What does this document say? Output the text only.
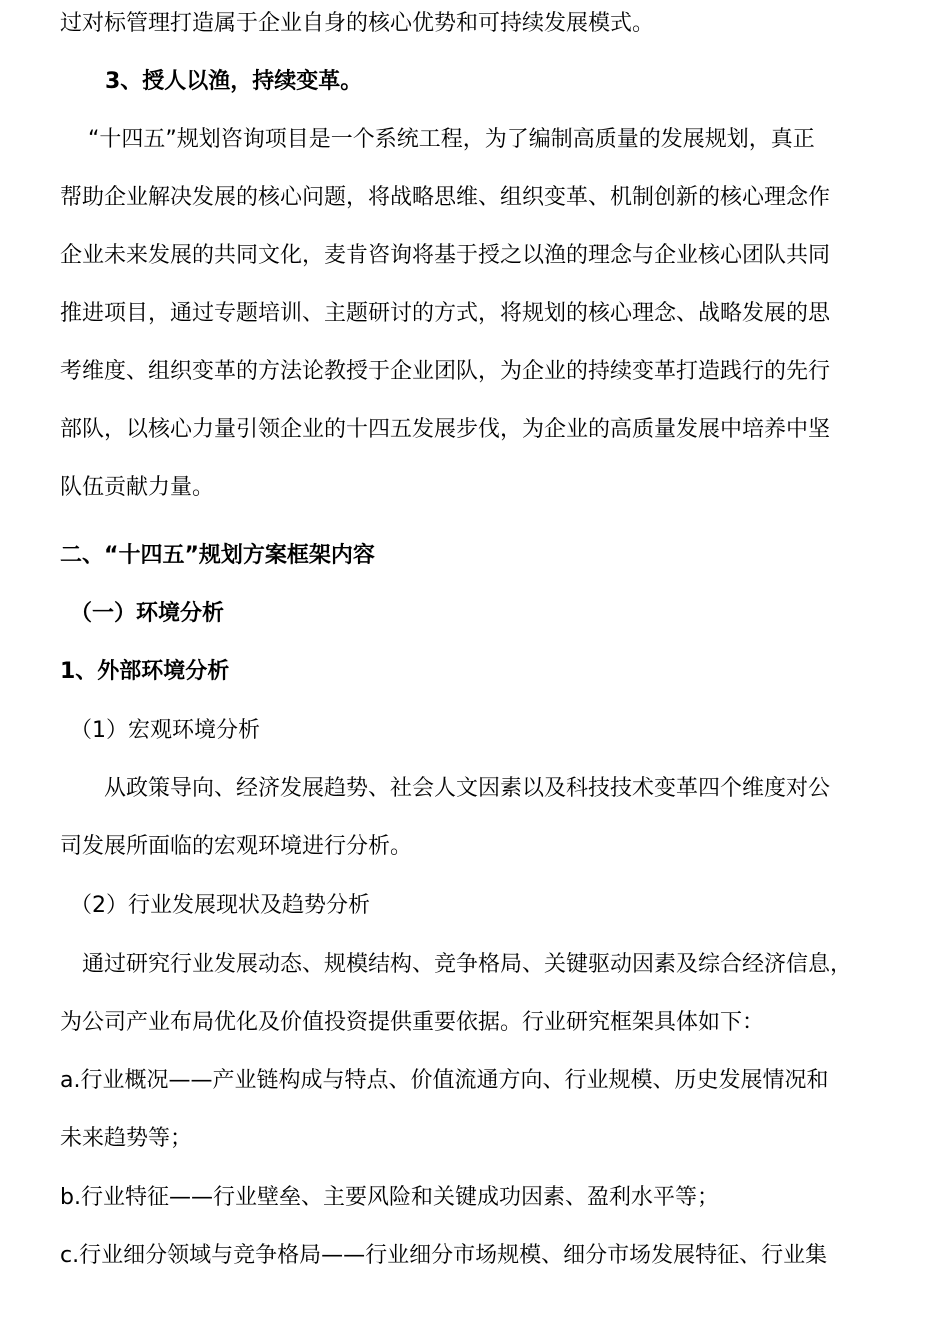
过对标管理打造属于企业自身的核心优势和可持续发展模式。
3、授人以渔，持续变革。
“十四五”规划咨询项目是一个系统工程，为了编制高质量的发展规划，真正
帮助企业解决发展的核心问题，将战略思维、组织变革、机制创新的核心理念作
企业未来发展的共同文化，麦肯咨询将基于授之以渔的理念与企业核心团队共同
推进项目，通过专题培训、主题研讨的方式，将规划的核心理念、战略发展的思
考维度、组织变革的方法论教授于企业团队，为企业的持续变革打造践行的先行
部队，以核心力量引领企业的十四五发展步伐，为企业的高质量发展中培养中坚
队伍贡献力量。
二、“十四五”规划方案框架内容
（一）环境分析
1、外部环境分析
（1）宏观环境分析
从政策导向、经济发展趋势、社会人文因素以及科技技术变革四个维度对公
司发展所面临的宏观环境进行分析。
（2）行业发展现状及趋势分析
通过研究行业发展动态、规模结构、竞争格局、关键驱动因素及综合经济信息，
为公司产业布局优化及价值投资提供重要依据。行业研究框架具体如下：
a.行业概况——产业链构成与特点、价值流通方向、行业规模、历史发展情况和
未来趋势等；
b.行业特征——行业壁垒、主要风险和关键成功因素、盈利水平等；
c.行业细分领域与竞争格局——行业细分市场规模、细分市场发展特征、行业集
